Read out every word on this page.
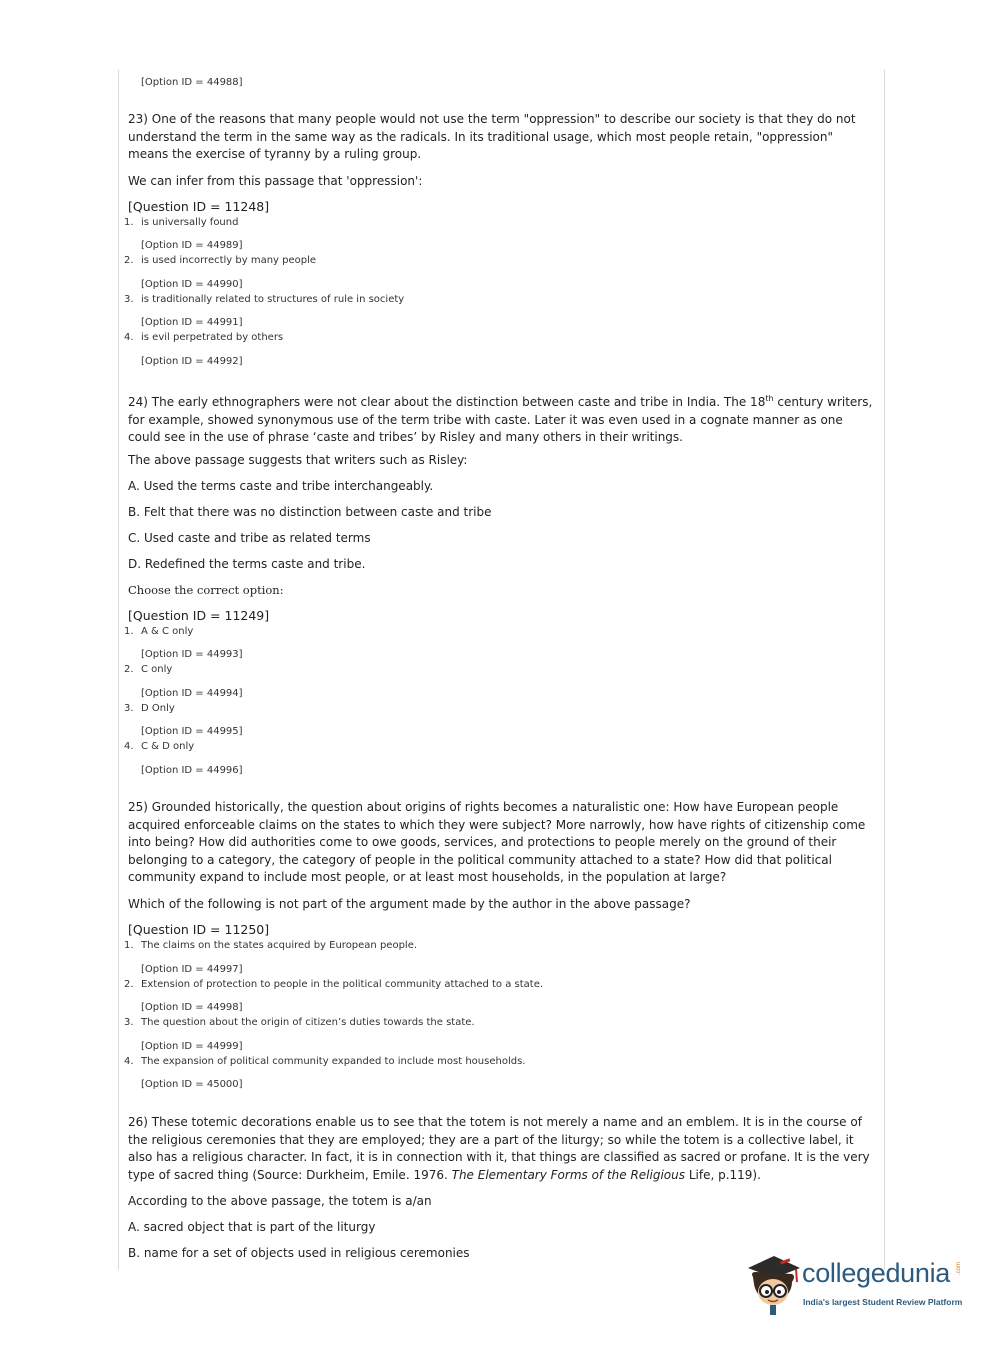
[Option ID = 44988]
23) One of the reasons that many people would not use the term "oppression" to describe our society is that they do not understand the term in the same way as the radicals. In its traditional usage, which most people retain, "oppression" means the exercise of tyranny by a ruling group.
We can infer from this passage that 'oppression':
[Question ID = 11248]
1. is universally found
[Option ID = 44989]
2. is used incorrectly by many people
[Option ID = 44990]
3. is traditionally related to structures of rule in society
[Option ID = 44991]
4. is evil perpetrated by others
[Option ID = 44992]
24) The early ethnographers were not clear about the distinction between caste and tribe in India. The 18th century writers, for example, showed synonymous use of the term tribe with caste. Later it was even used in a cognate manner as one could see in the use of phrase ‘caste and tribes’ by Risley and many others in their writings.
The above passage suggests that writers such as Risley:
A. Used the terms caste and tribe interchangeably.
B. Felt that there was no distinction between caste and tribe
C. Used caste and tribe as related terms
D. Redefined the terms caste and tribe.
Choose the correct option:
[Question ID = 11249]
1. A & C only
[Option ID = 44993]
2. C only
[Option ID = 44994]
3. D Only
[Option ID = 44995]
4. C & D only
[Option ID = 44996]
25) Grounded historically, the question about origins of rights becomes a naturalistic one: How have European people acquired enforceable claims on the states to which they were subject? More narrowly, how have rights of citizenship come into being? How did authorities come to owe goods, services, and protections to people merely on the ground of their belonging to a category, the category of people in the political community attached to a state? How did that political community expand to include most people, or at least most households, in the population at large?
Which of the following is not part of the argument made by the author in the above passage?
[Question ID = 11250]
1. The claims on the states acquired by European people.
[Option ID = 44997]
2. Extension of protection to people in the political community attached to a state.
[Option ID = 44998]
3. The question about the origin of citizen’s duties towards the state.
[Option ID = 44999]
4. The expansion of political community expanded to include most households.
[Option ID = 45000]
26) These totemic decorations enable us to see that the totem is not merely a name and an emblem. It is in the course of the religious ceremonies that they are employed; they are a part of the liturgy; so while the totem is a collective label, it also has a religious character. In fact, it is in connection with it, that things are classified as sacred or profane. It is the very type of sacred thing (Source: Durkheim, Emile. 1976. The Elementary Forms of the Religious Life, p.119).
According to the above passage, the totem is a/an
A. sacred object that is part of the liturgy
B. name for a set of objects used in religious ceremonies
collegedunia .com
India's largest Student Review Platform
